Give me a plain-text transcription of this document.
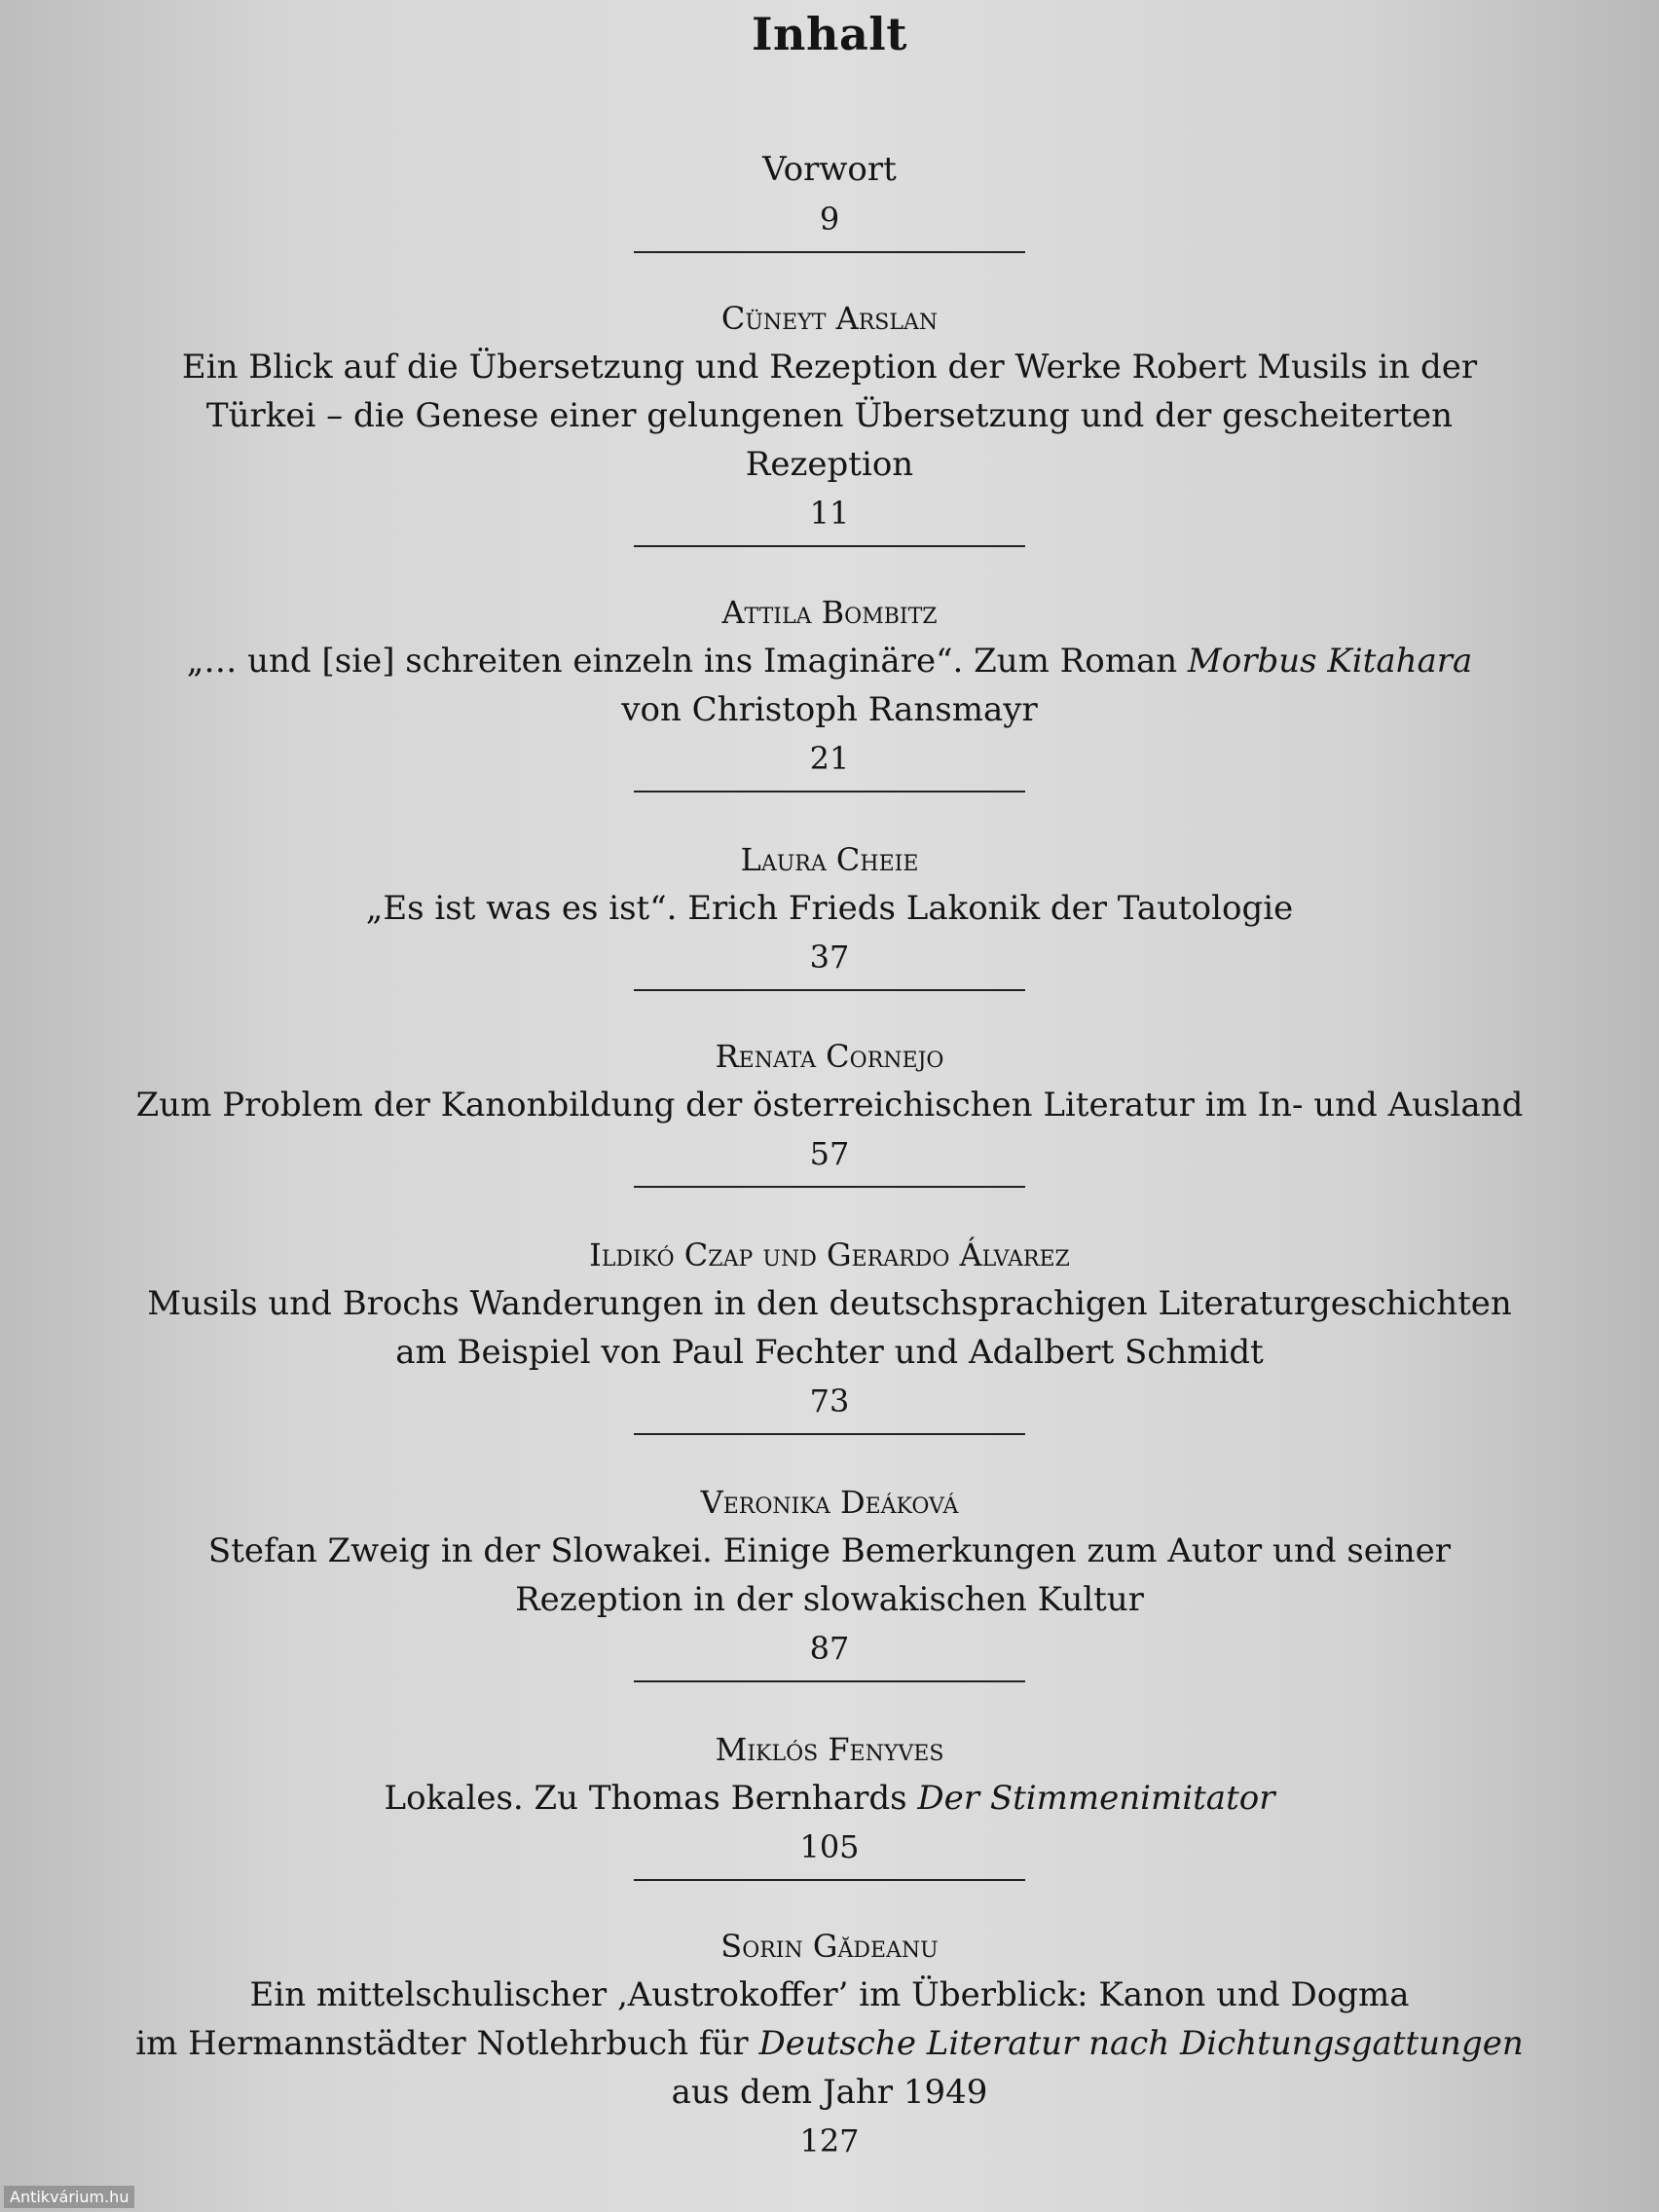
Inhalt
Vorwort
9
Cüneyt Arslan
Ein Blick auf die Übersetzung und Rezeption der Werke Robert Musils in der
Türkei – die Genese einer gelungenen Übersetzung und der gescheiterten
Rezeption
11
Attila Bombitz
„… und [sie] schreiten einzeln ins Imaginäre“. Zum Roman Morbus Kitahara
von Christoph Ransmayr
21
Laura Cheie
„Es ist was es ist“. Erich Frieds Lakonik der Tautologie
37
Renata Cornejo
Zum Problem der Kanonbildung der österreichischen Literatur im In- und Ausland
57
Ildikó Czap und Gerardo Álvarez
Musils und Brochs Wanderungen in den deutschsprachigen Literaturgeschichten
am Beispiel von Paul Fechter und Adalbert Schmidt
73
Veronika Deáková
Stefan Zweig in der Slowakei. Einige Bemerkungen zum Autor und seiner
Rezeption in der slowakischen Kultur
87
Miklós Fenyves
Lokales. Zu Thomas Bernhards Der Stimmenimitator
105
Sorin Gădeanu
Ein mittelschulischer ‚Austrokoffer’ im Überblick: Kanon und Dogma
im Hermannstädter Notlehrbuch für Deutsche Literatur nach Dichtungsgattungen
aus dem Jahr 1949
127
Antikvárium.hu
